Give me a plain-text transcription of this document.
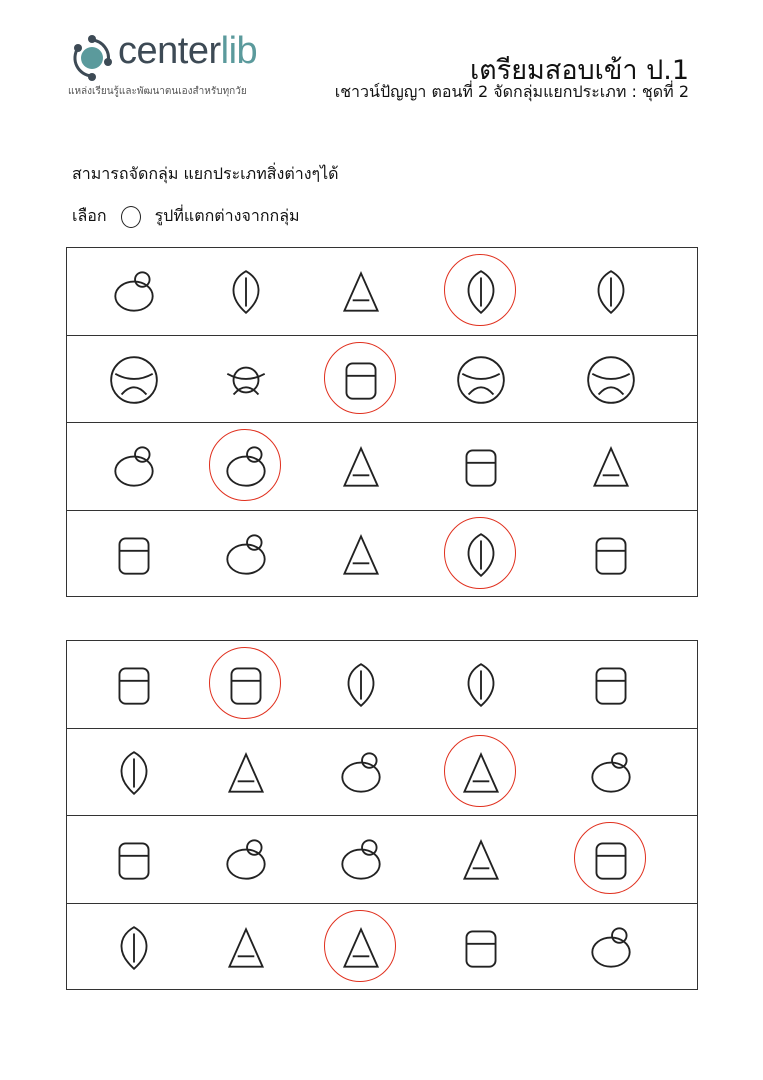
centerlib
แหล่งเรียนรู้และพัฒนาตนเองสำหรับทุกวัย
เตรียมสอบเข้า ป.1
เชาวน์ปัญญา ตอนที่ 2 จัดกลุ่มแยกประเภท : ชุดที่ 2
สามารถจัดกลุ่ม แยกประเภทสิ่งต่างๆได้
เลือก	รูปที่แตกต่างจากกลุ่ม
